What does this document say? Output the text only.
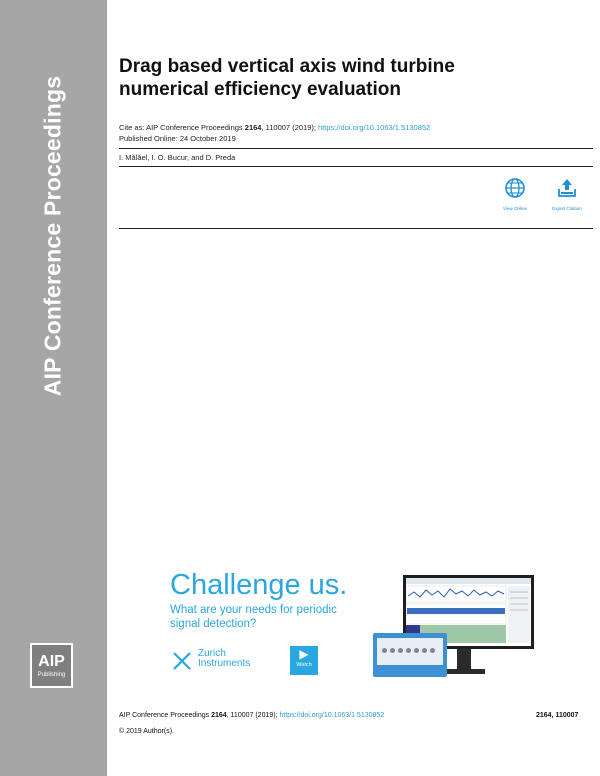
AIP Conference Proceedings
AIP
Publishing
Drag based vertical axis wind turbine
numerical efficiency evaluation
Cite as: AIP Conference Proceedings 2164, 110007 (2019); https://doi.org/10.1063/1.5130852
Published Online: 24 October 2019
I. Mălăel, I. O. Bucur, and D. Preda
View Online	Export Citation
Challenge us.
What are your needs for periodic
signal detection?
Zurich
Instruments
▶
Watch
AIP Conference Proceedings 2164, 110007 (2019); https://doi.org/10.1063/1.5130852	2164, 110007
© 2019 Author(s).
